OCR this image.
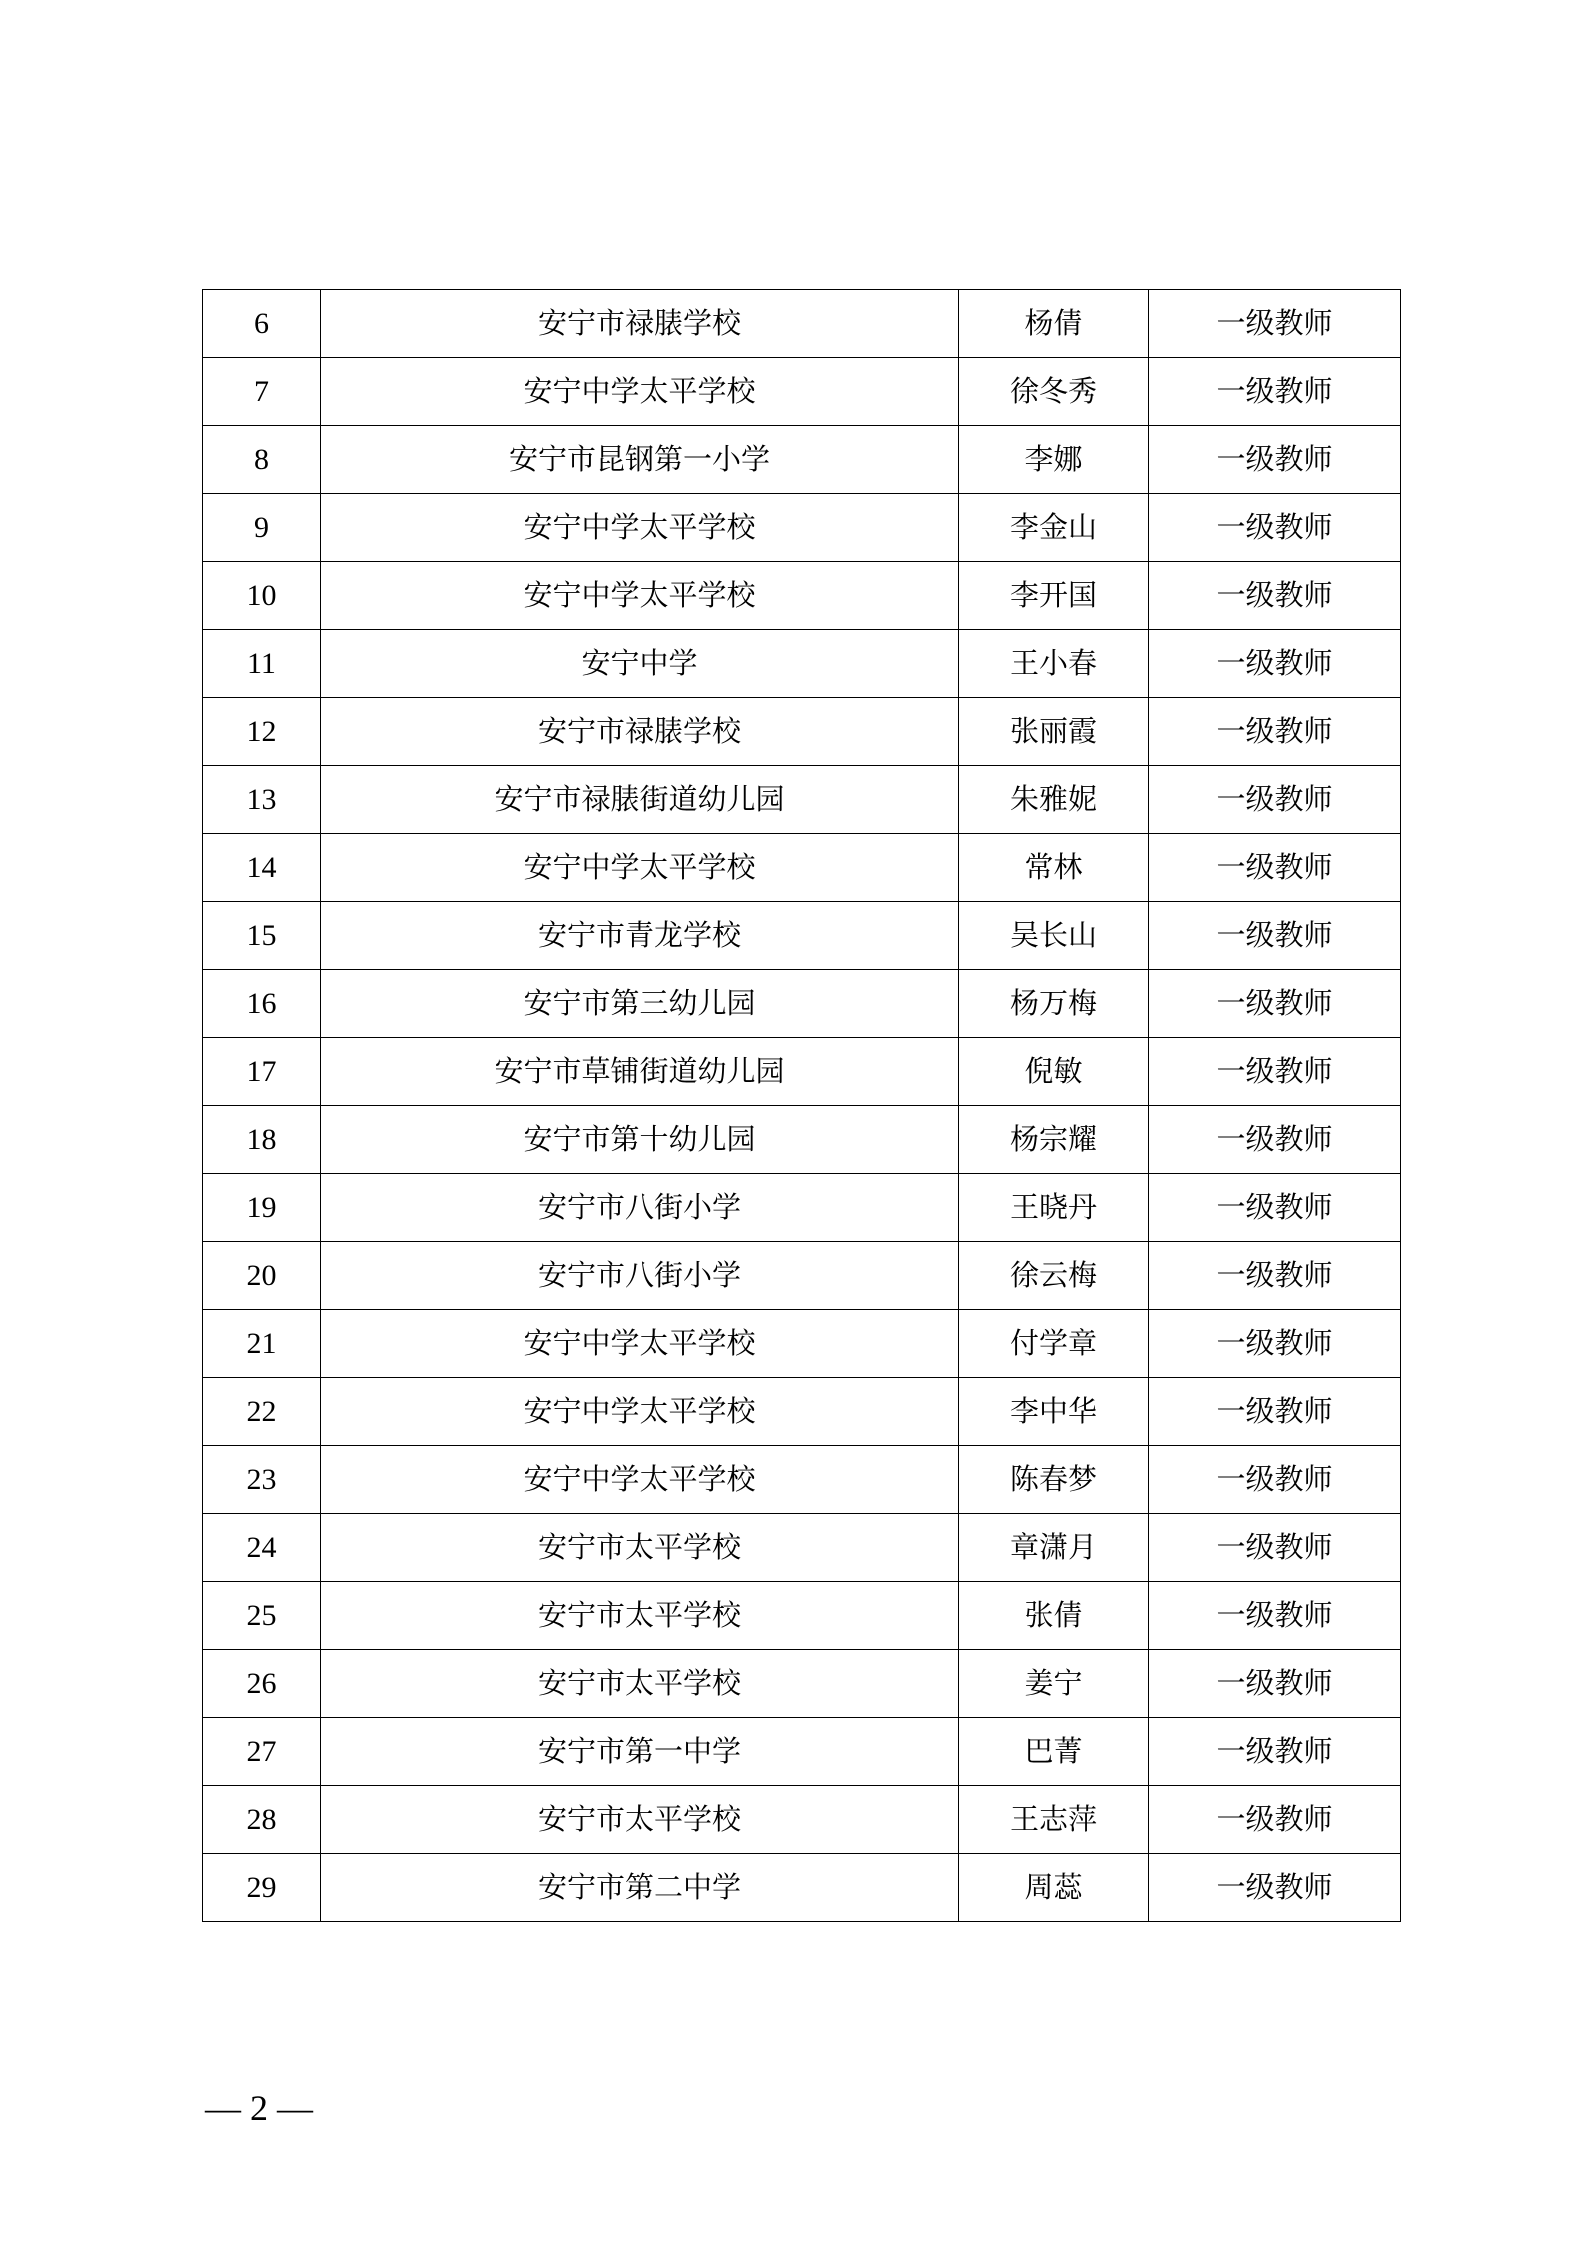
6	安宁市禄脿学校	杨倩	一级教师
7	安宁中学太平学校	徐冬秀	一级教师
8	安宁市昆钢第一小学	李娜	一级教师
9	安宁中学太平学校	李金山	一级教师
10	安宁中学太平学校	李开国	一级教师
11	安宁中学	王小春	一级教师
12	安宁市禄脿学校	张丽霞	一级教师
13	安宁市禄脿街道幼儿园	朱雅妮	一级教师
14	安宁中学太平学校	常林	一级教师
15	安宁市青龙学校	吴长山	一级教师
16	安宁市第三幼儿园	杨万梅	一级教师
17	安宁市草铺街道幼儿园	倪敏	一级教师
18	安宁市第十幼儿园	杨宗耀	一级教师
19	安宁市八街小学	王晓丹	一级教师
20	安宁市八街小学	徐云梅	一级教师
21	安宁中学太平学校	付学章	一级教师
22	安宁中学太平学校	李中华	一级教师
23	安宁中学太平学校	陈春梦	一级教师
24	安宁市太平学校	章潇月	一级教师
25	安宁市太平学校	张倩	一级教师
26	安宁市太平学校	姜宁	一级教师
27	安宁市第一中学	巴菁	一级教师
28	安宁市太平学校	王志萍	一级教师
29	安宁市第二中学	周蕊	一级教师
— 2 —
